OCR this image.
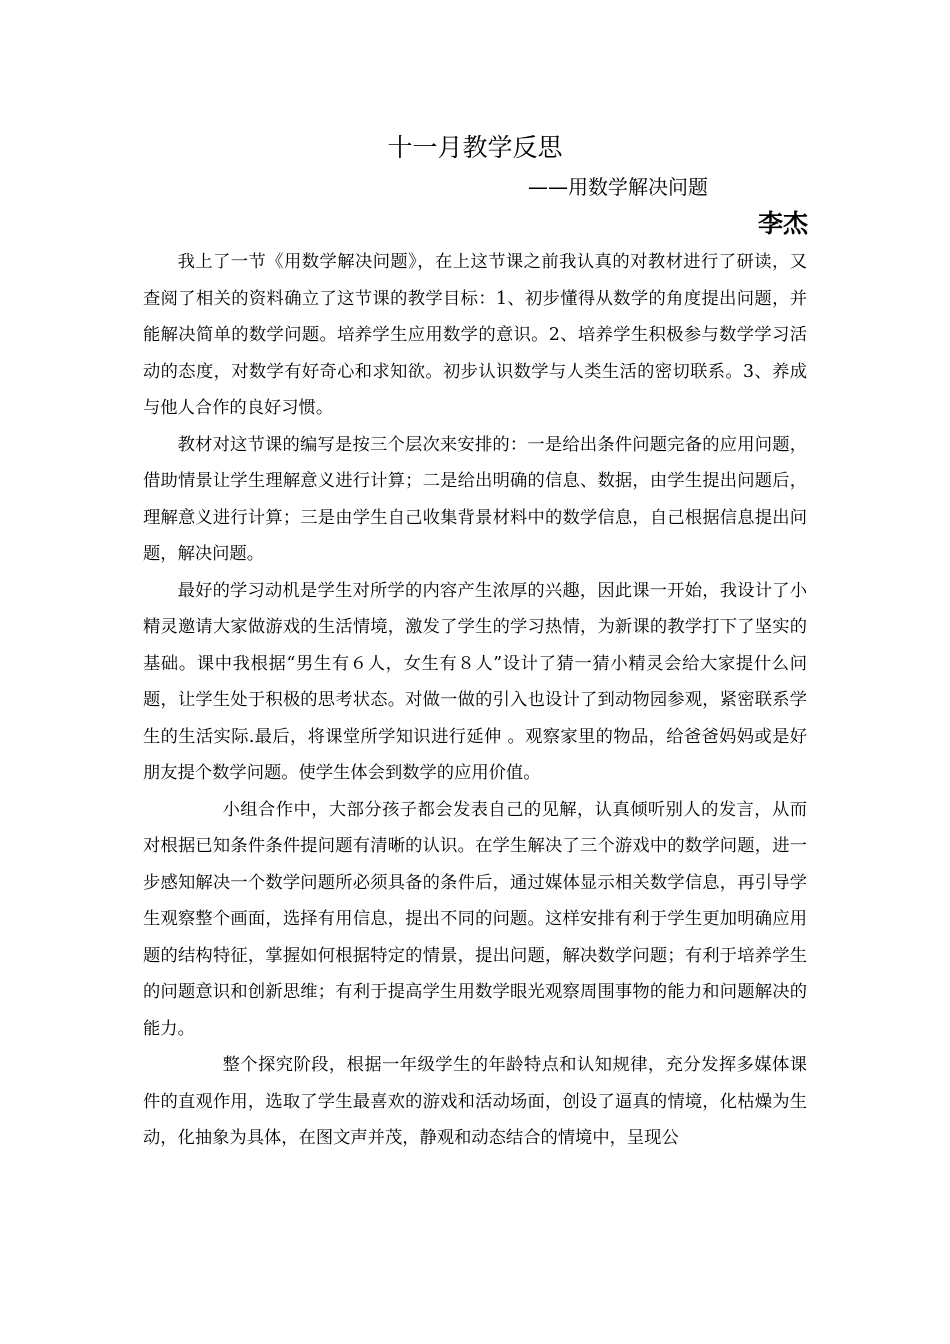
十一月教学反思
——用数学解决问题
李杰

我上了一节《用数学解决问题》，在上这节课之前我认真的对教材进行了研读，又查阅了相关的资料确立了这节课的教学目标：1、初步懂得从数学的角度提出问题，并能解决简单的数学问题。培养学生应用数学的意识。2、培养学生积极参与数学学习活动的态度，对数学有好奇心和求知欲。初步认识数学与人类生活的密切联系。3、养成与他人合作的良好习惯。

教材对这节课的编写是按三个层次来安排的：一是给出条件问题完备的应用问题，借助情景让学生理解意义进行计算；二是给出明确的信息、数据，由学生提出问题后，理解意义进行计算；三是由学生自己收集背景材料中的数学信息，自己根据信息提出问题，解决问题。

最好的学习动机是学生对所学的内容产生浓厚的兴趣，因此课一开始，我设计了小精灵邀请大家做游戏的生活情境，激发了学生的学习热情，为新课的教学打下了坚实的基础。课中我根据“男生有６人，女生有８人”设计了猜一猜小精灵会给大家提什么问题，让学生处于积极的思考状态。对做一做的引入也设计了到动物园参观，紧密联系学生的生活实际.最后，将课堂所学知识进行延伸 。观察家里的物品，给爸爸妈妈或是好朋友提个数学问题。使学生体会到数学的应用价值。

小组合作中，大部分孩子都会发表自己的见解，认真倾听别人的发言，从而对根据已知条件条件提问题有清晰的认识。在学生解决了三个游戏中的数学问题，进一步感知解决一个数学问题所必须具备的条件后，通过媒体显示相关数学信息，再引导学生观察整个画面，选择有用信息，提出不同的问题。这样安排有利于学生更加明确应用题的结构特征，掌握如何根据特定的情景，提出问题，解决数学问题；有利于培养学生的问题意识和创新思维；有利于提高学生用数学眼光观察周围事物的能力和问题解决的能力。

整个探究阶段，根据一年级学生的年龄特点和认知规律，充分发挥多媒体课件的直观作用，选取了学生最喜欢的游戏和活动场面，创设了逼真的情境，化枯燥为生动，化抽象为具体，在图文声并茂，静观和动态结合的情境中，呈现公
